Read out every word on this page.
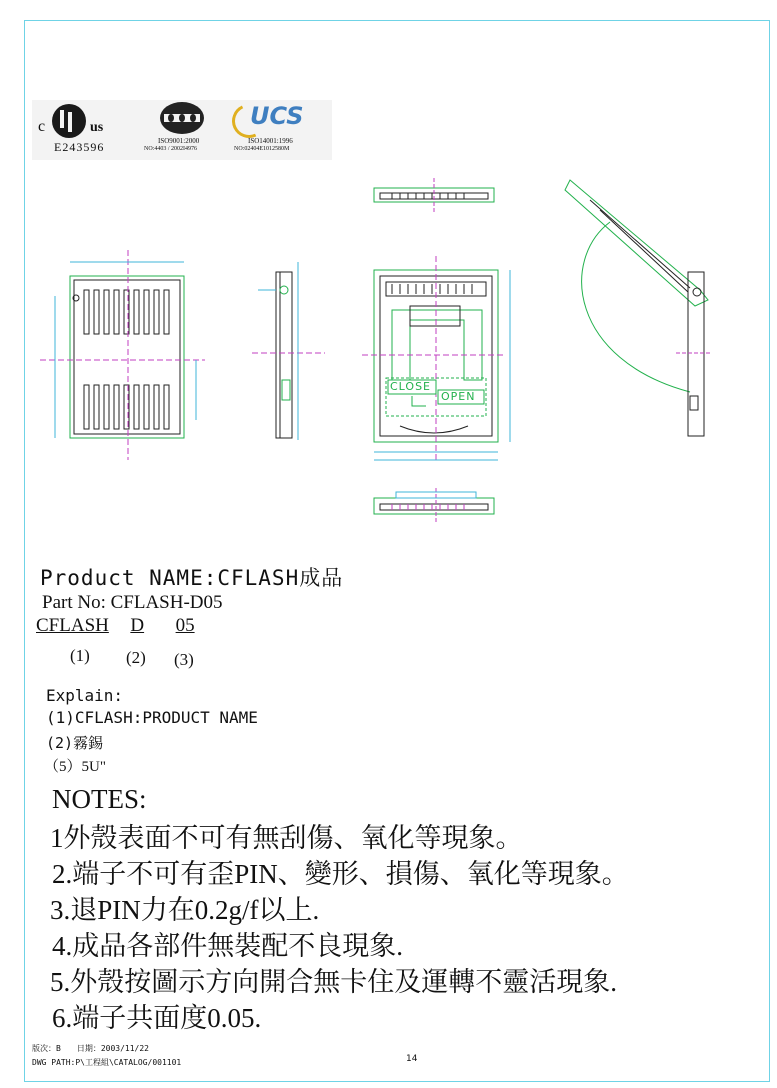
c	us
E243596	ISO9001:2000
NO:4403 / 2002I4976
UCS
ISO14001:1996
NO:02404E1012580M
CLOSE
OPEN
Product NAME:CFLASH成品
Part No: CFLASH-D05
CFLASH D 05
(1) (2) (3)
Explain:
(1)CFLASH:PRODUCT NAME
(2)霧錫
（5）5U"
NOTES:
1外殼表面不可有無刮傷、氧化等現象。
2.端子不可有歪PIN、變形、損傷、氧化等現象。
3.退PIN力在0.2g/f以上.
4.成品各部件無裝配不良現象.
5.外殼按圖示方向開合無卡住及運轉不靈活現象.
6.端子共面度0.05.
版次：B　　日期：2003/11/22
DWG PATH:P\工程組\CATALOG/001101	14
